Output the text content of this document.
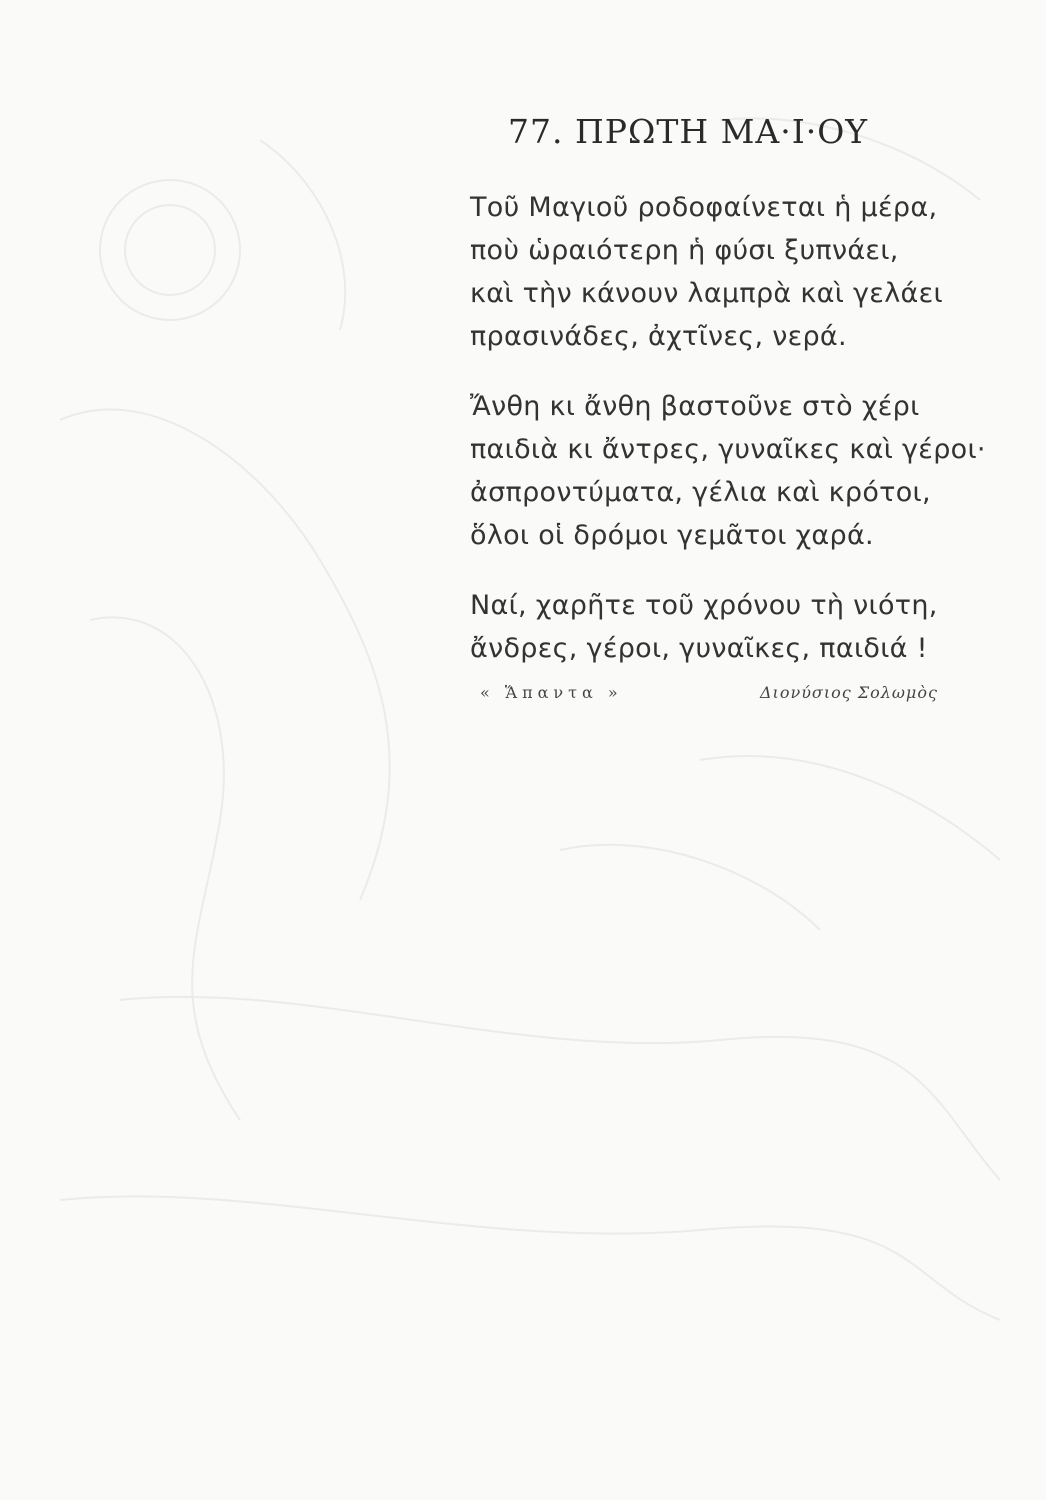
77. ΠΡΩΤΗ ΜΑ·Ι·ΟΥ
Τοῦ Μαγιοῦ ροδοφαίνεται ἡ μέρα,
ποὺ ὡραιότερη ἡ φύσι ξυπνάει,
καὶ τὴν κάνουν λαμπρὰ καὶ γελάει
πρασινάδες, ἀχτῖνες, νερά.
Ἄνθη κι ἄνθη βαστοῦνε στὸ χέρι
παιδιὰ κι ἄντρες, γυναῖκες καὶ γέροι·
ἀσπροντύματα, γέλια καὶ κρότοι,
ὅλοι οἱ δρόμοι γεμᾶτοι χαρά.
Ναί, χαρῆτε τοῦ χρόνου τὴ νιότη,
ἄνδρες, γέροι, γυναῖκες, παιδιά !
« Ἅπαντα »	Διονύσιος Σολωμὸς
